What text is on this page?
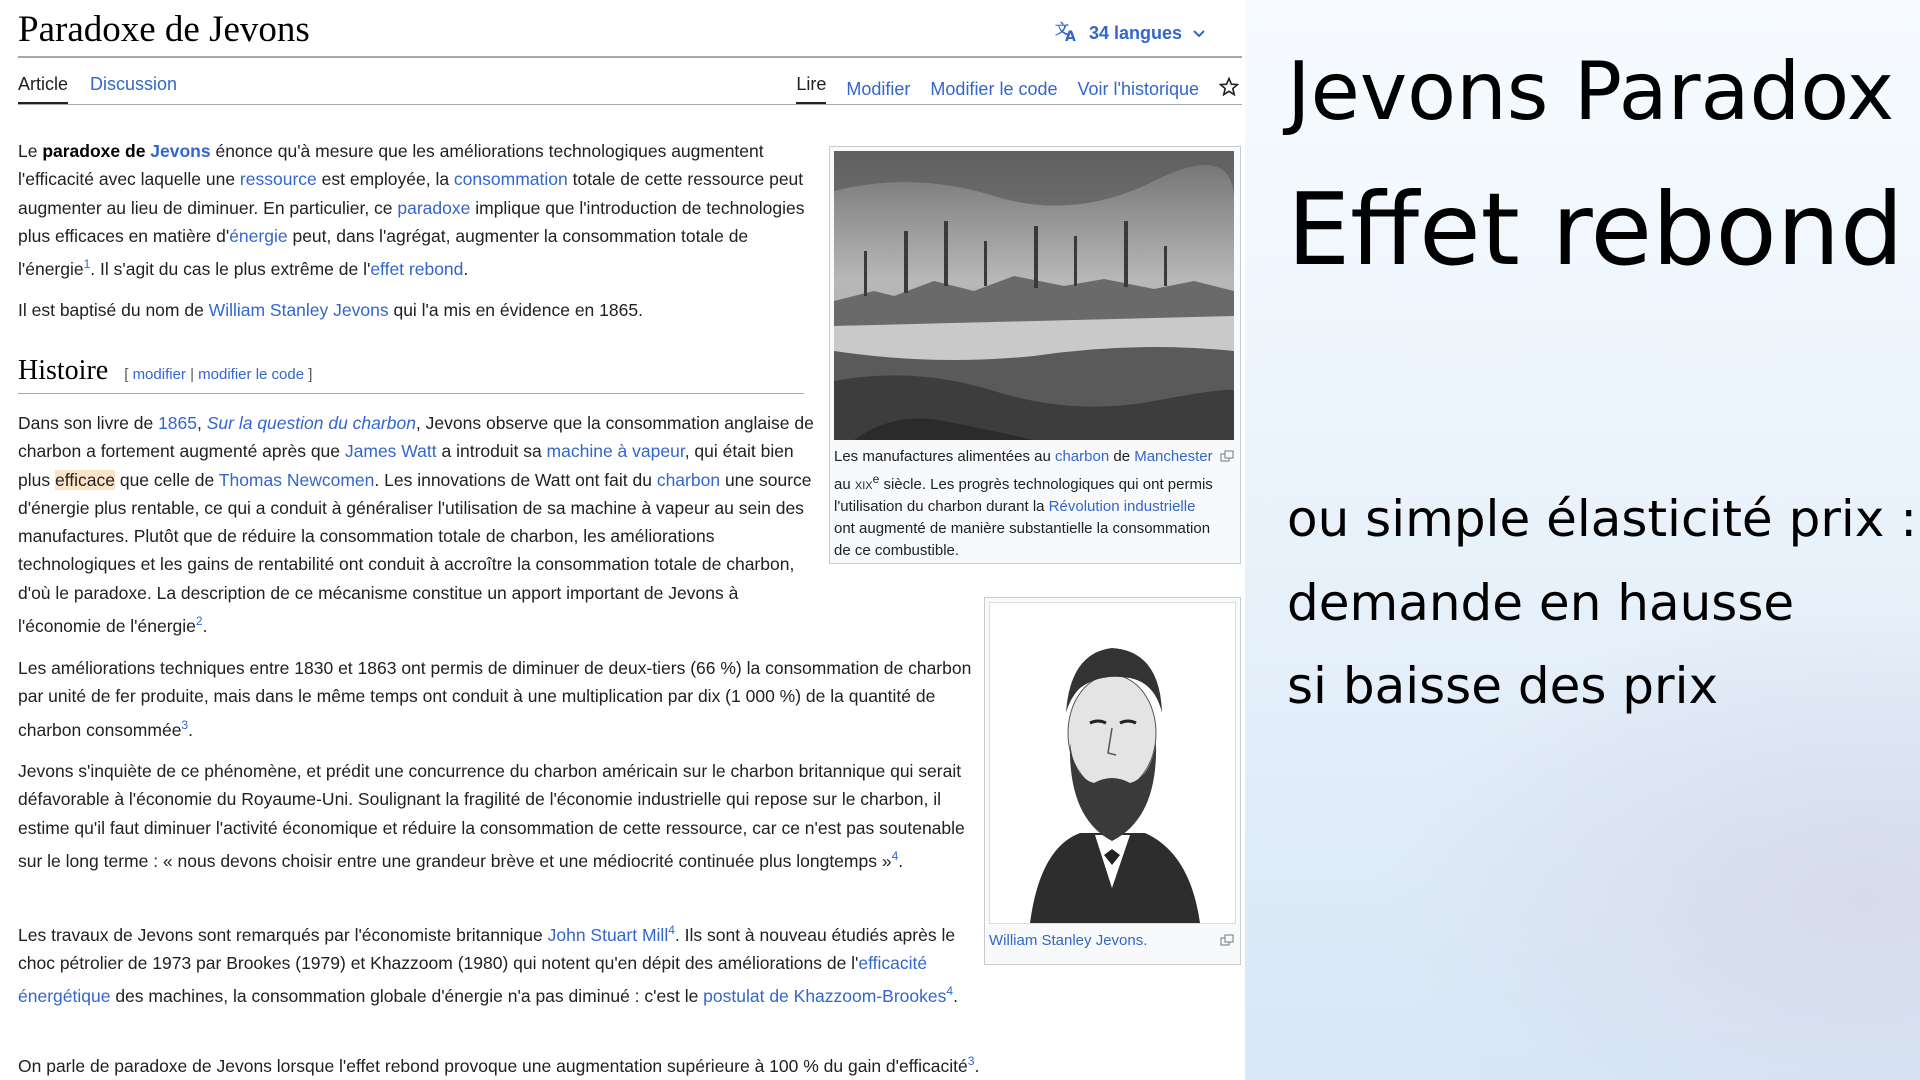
Paradoxe de Jevons	文
A 34 langues
Article Discussion	Lire Modifier Modifier le code Voir l'historique
Le paradoxe de Jevons énonce qu'à mesure que les améliorations technologiques augmentent l'efficacité avec laquelle une ressource est employée, la consommation totale de cette ressource peut augmenter au lieu de diminuer. En particulier, ce paradoxe implique que l'introduction de technologies plus efficaces en matière d'énergie peut, dans l'agrégat, augmenter la consommation totale de l'énergie$^1$. Il s'agit du cas le plus extrême de l'effet rebond.
Il est baptisé du nom de William Stanley Jevons qui l'a mis en évidence en 1865.
Histoire [ modifier | modifier le code ]
Dans son livre de 1865, Sur la question du charbon, Jevons observe que la consommation anglaise de charbon a fortement augmenté après que James Watt a introduit sa machine à vapeur, qui était bien plus efficace que celle de Thomas Newcomen. Les innovations de Watt ont fait du charbon une source d'énergie plus rentable, ce qui a conduit à généraliser l'utilisation de sa machine à vapeur au sein des manufactures. Plutôt que de réduire la consommation totale de charbon, les améliorations technologiques et les gains de rentabilité ont conduit à accroître la consommation totale de charbon, d'où le paradoxe. La description de ce mécanisme constitue un apport important de Jevons à l'économie de l'énergie$^2$.
Les améliorations techniques entre 1830 et 1863 ont permis de diminuer de deux-tiers (66 %) la consommation de charbon par unité de fer produite, mais dans le même temps ont conduit à une multiplication par dix (1 000 %) de la quantité de charbon consommée$^3$.
Jevons s'inquiète de ce phénomène, et prédit une concurrence du charbon américain sur le charbon britannique qui serait défavorable à l'économie du Royaume-Uni. Soulignant la fragilité de l'économie industrielle qui repose sur le charbon, il estime qu'il faut diminuer l'activité économique et réduire la consommation de cette ressource, car ce n'est pas soutenable sur le long terme : « nous devons choisir entre une grandeur brève et une médiocrité continuée plus longtemps »$^4$.
Les travaux de Jevons sont remarqués par l'économiste britannique John Stuart Mill$^4$. Ils sont à nouveau étudiés après le choc pétrolier de 1973 par Brookes (1979) et Khazzoom (1980) qui notent qu'en dépit des améliorations de l'efficacité énergétique des machines, la consommation globale d'énergie n'a pas diminué : c'est le postulat de Khazzoom-Brookes$^4$.
On parle de paradoxe de Jevons lorsque l'effet rebond provoque une augmentation supérieure à 100 % du gain d'efficacité$^3$.
Les manufactures alimentées au charbon de Manchester au xix$^e$ siècle. Les progrès technologiques qui ont permis l'utilisation du charbon durant la Révolution industrielle ont augmenté de manière substantielle la consommation de ce combustible.
William Stanley Jevons.
Jevons Paradox
Effet rebond
ou simple élasticité prix :
demande en hausse
si baisse des prix
